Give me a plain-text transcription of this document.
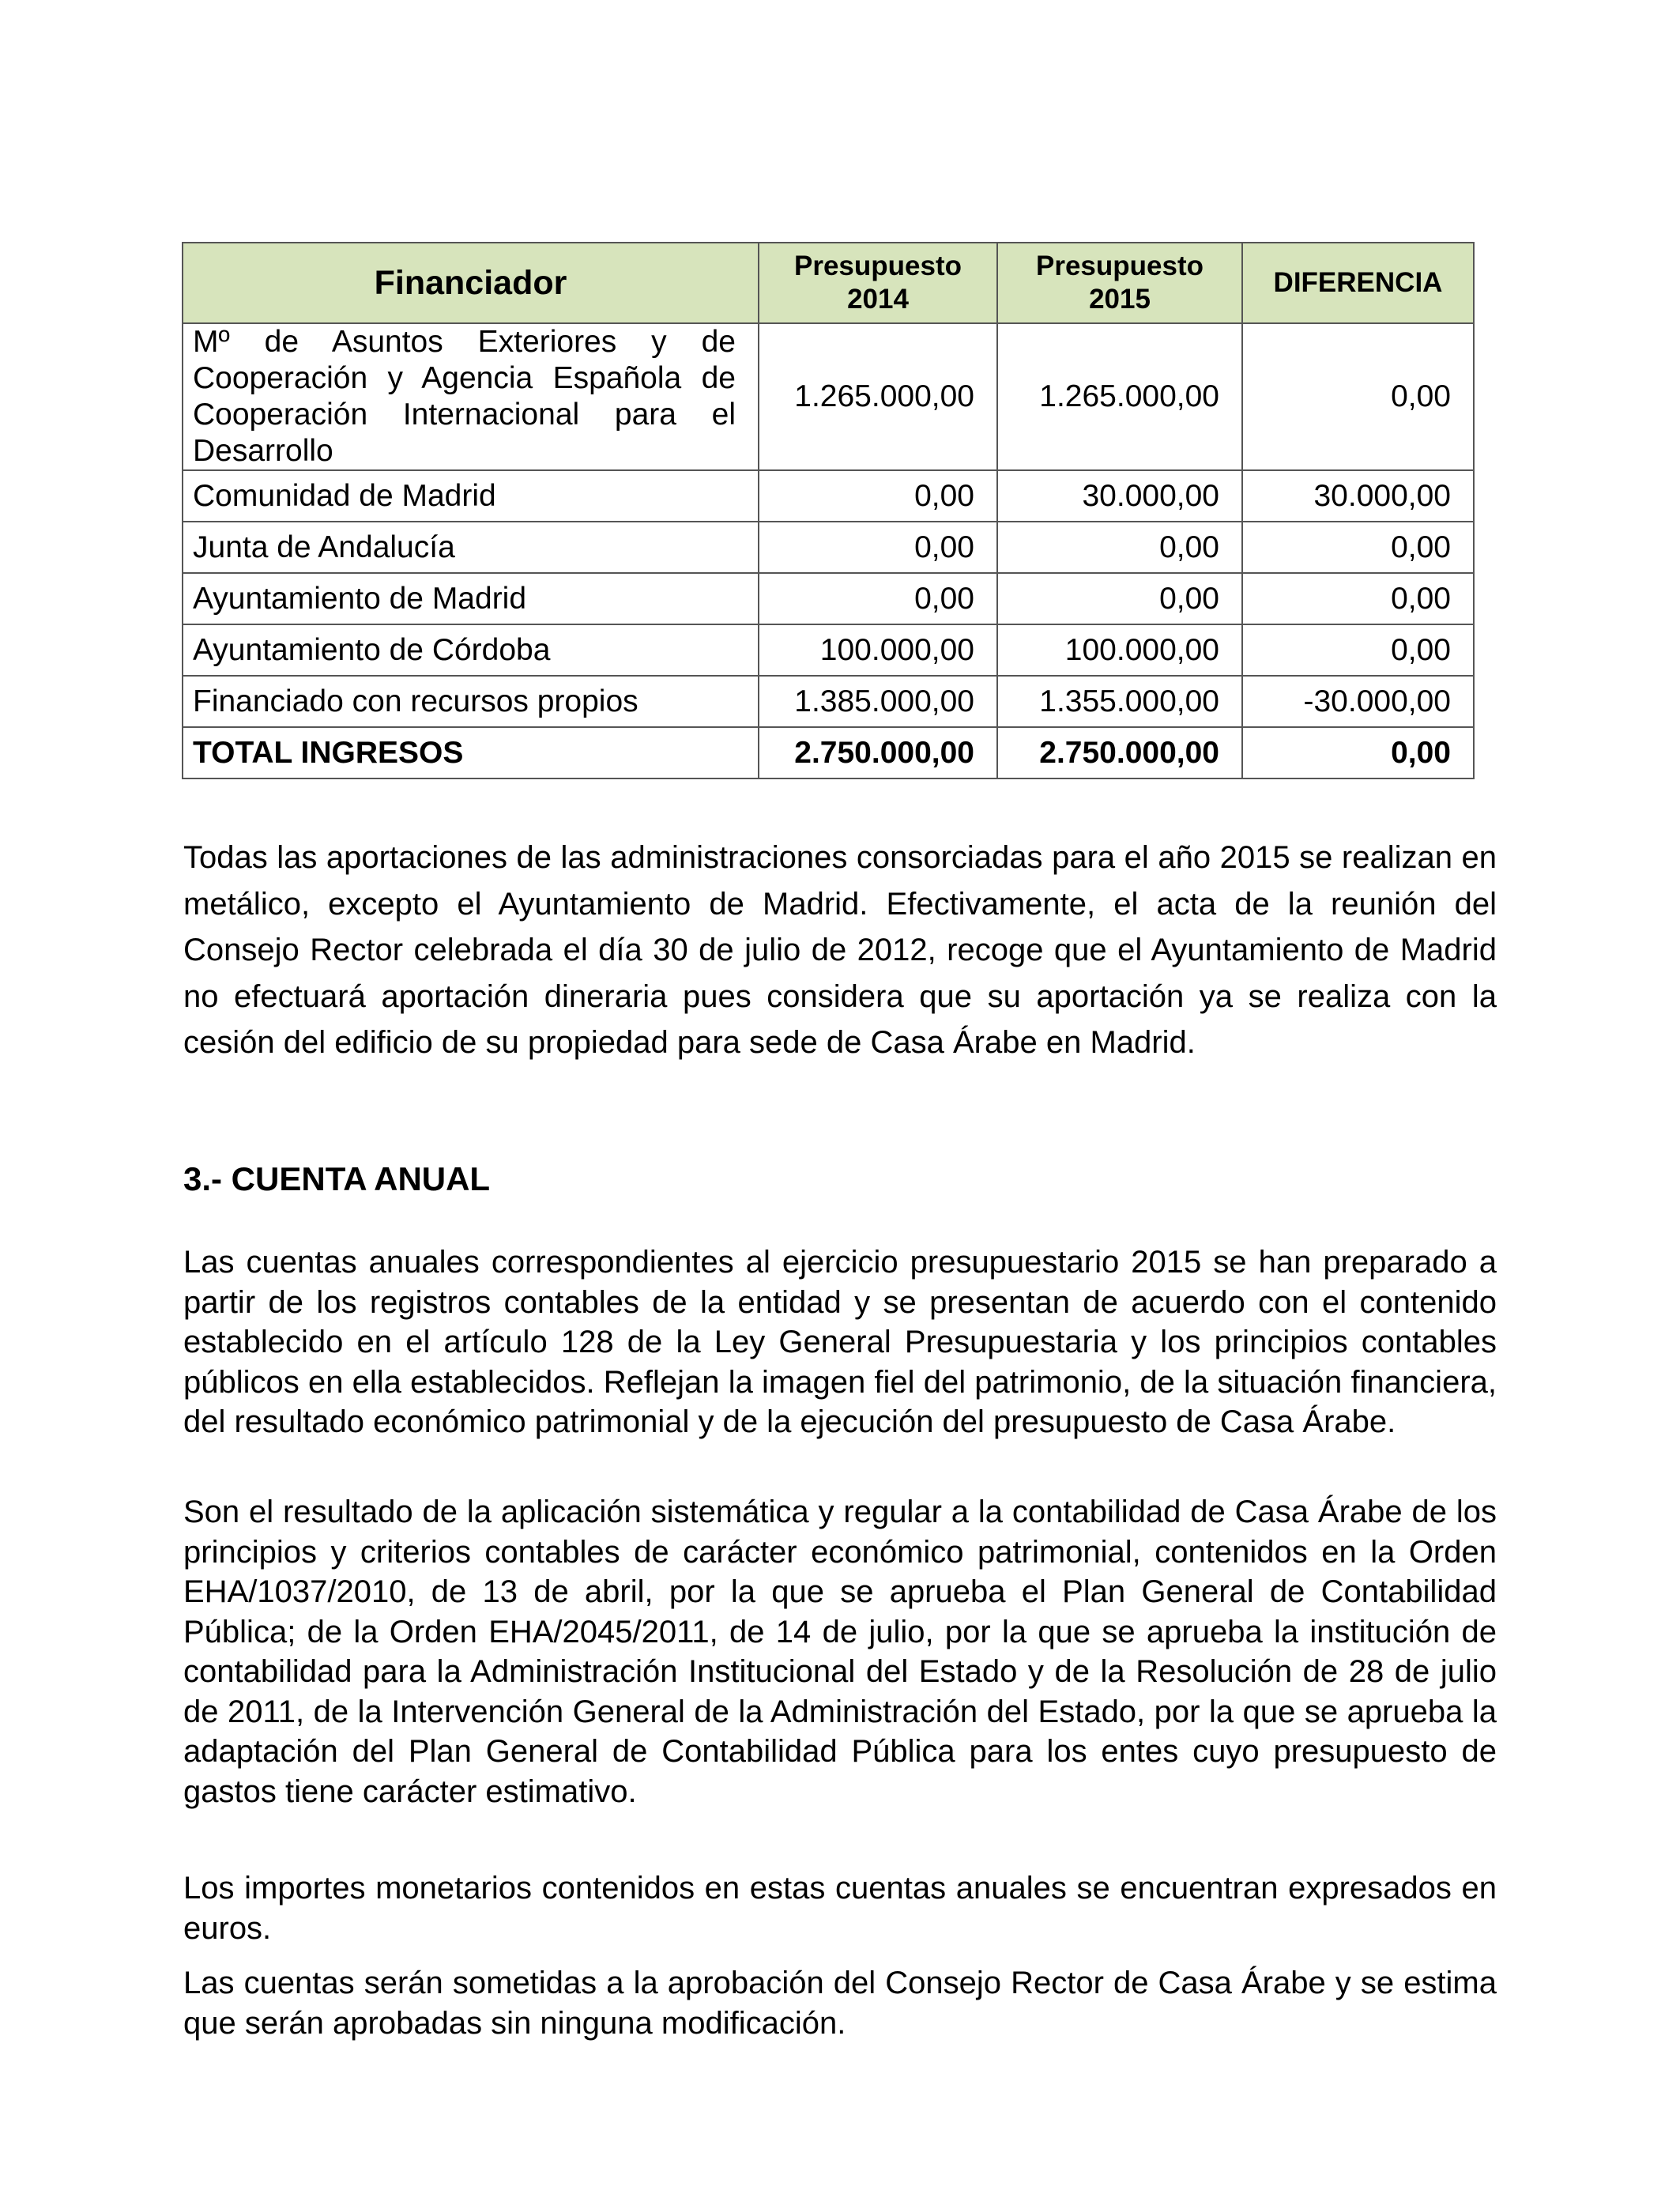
Financiador	Presupuesto 2014	Presupuesto 2015	DIFERENCIA
Mº de Asuntos Exteriores y de Cooperación y Agencia Española de Cooperación Internacional para el Desarrollo	1.265.000,00	1.265.000,00	0,00
Comunidad de Madrid	0,00	30.000,00	30.000,00
Junta de Andalucía	0,00	0,00	0,00
Ayuntamiento de Madrid	0,00	0,00	0,00
Ayuntamiento de Córdoba	100.000,00	100.000,00	0,00
Financiado con recursos propios	1.385.000,00	1.355.000,00	-30.000,00
TOTAL INGRESOS	2.750.000,00	2.750.000,00	0,00

Todas las aportaciones de las administraciones consorciadas para el año 2015 se realizan en metálico, excepto el Ayuntamiento de Madrid. Efectivamente, el acta de la reunión del Consejo Rector celebrada el día 30 de julio de 2012, recoge que el Ayuntamiento de Madrid no efectuará aportación dineraria pues considera que su aportación ya se realiza con la cesión del edificio de su propiedad para sede de Casa Árabe en Madrid.

3.- CUENTA ANUAL

Las cuentas anuales correspondientes al ejercicio presupuestario 2015 se han preparado a partir de los registros contables de la entidad y se presentan de acuerdo con el contenido establecido en el artículo 128 de la Ley General Presupuestaria y los principios contables públicos en ella establecidos. Reflejan la imagen fiel del patrimonio, de la situación financiera, del resultado económico patrimonial y de la ejecución del presupuesto de Casa Árabe.

Son el resultado de la aplicación sistemática y regular a la contabilidad de Casa Árabe de los principios y criterios contables de carácter económico patrimonial, contenidos en la Orden EHA/1037/2010, de 13 de abril, por la que se aprueba el Plan General de Contabilidad Pública; de la Orden EHA/2045/2011, de 14 de julio, por la que se aprueba la institución de contabilidad para la Administración Institucional del Estado y de la Resolución de 28 de julio de 2011, de la Intervención General de la Administración del Estado, por la que se aprueba la adaptación del Plan General de Contabilidad Pública para los entes cuyo presupuesto de gastos tiene carácter estimativo.

Los importes monetarios contenidos en estas cuentas anuales se encuentran expresados en euros.

Las cuentas serán sometidas a la aprobación del Consejo Rector de Casa Árabe y se estima que serán aprobadas sin ninguna modificación.
